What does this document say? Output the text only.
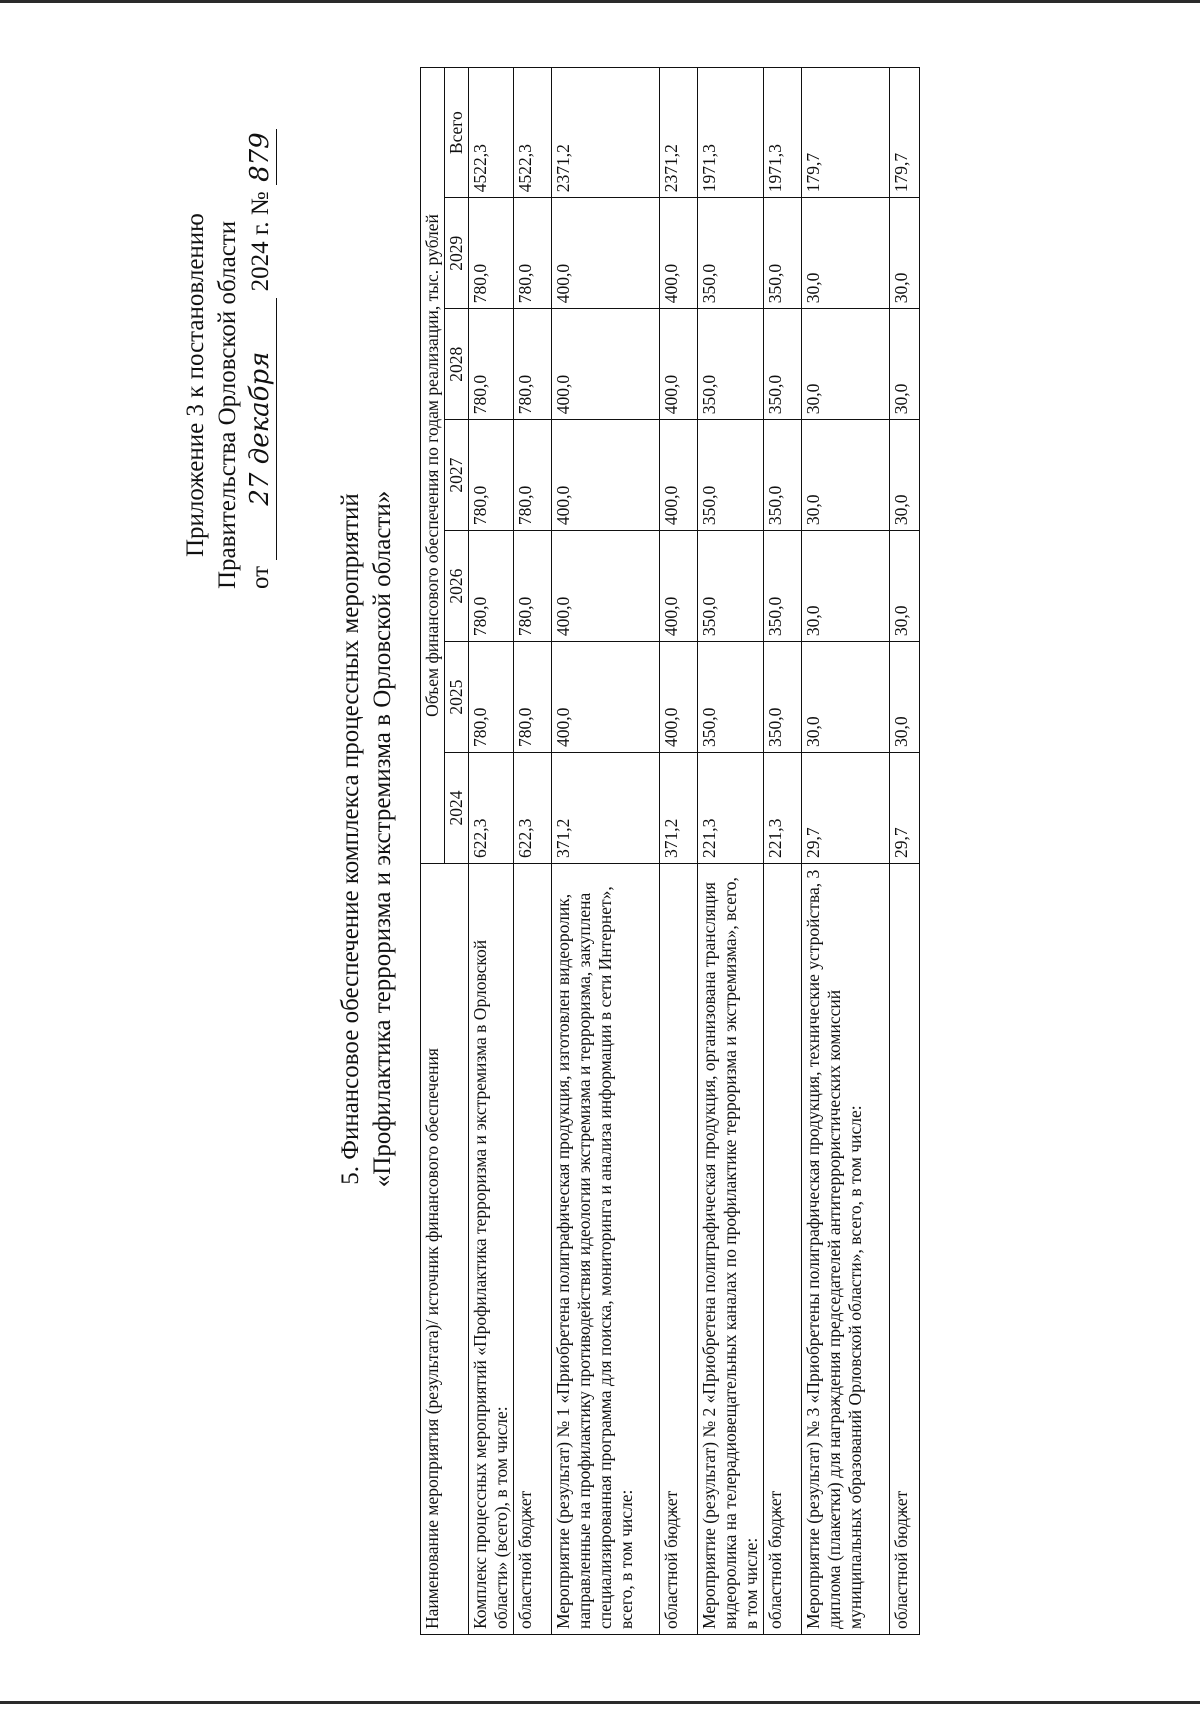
Приложение 3 к постановлению Правительства Орловской области от 27 декабря 2024 г. № 879
5. Финансовое обеспечение комплекса процессных мероприятий «Профилактика терроризма и экстремизма в Орловской области»
Наименование мероприятия (результата)/ источник финансового обеспечения	Объем финансового обеспечения по годам реализации, тыс. рублей						
	2024	2025	2026	2027	2028	2029	Всего
Комплекс процессных мероприятий «Профилактика терроризма и экстремизма в Орловской области» (всего), в том числе:	622,3	780,0	780,0	780,0	780,0	780,0	4522,3
областной бюджет	622,3	780,0	780,0	780,0	780,0	780,0	4522,3
Мероприятие (результат) № 1 «Приобретена полиграфическая продукция, изготовлен видеоролик, направленные на профилактику противодействия идеологии экстремизма и терроризма, закуплена специализированная программа для поиска, мониторинга и анализа информации в сети Интернет», всего, в том числе:	371,2	400,0	400,0	400,0	400,0	400,0	2371,2
областной бюджет	371,2	400,0	400,0	400,0	400,0	400,0	2371,2
Мероприятие (результат) № 2 «Приобретена полиграфическая продукция, организована трансляция видеоролика на телерадиовещательных каналах по профилактике терроризма и экстремизма», всего, в том числе:	221,3	350,0	350,0	350,0	350,0	350,0	1971,3
областной бюджет	221,3	350,0	350,0	350,0	350,0	350,0	1971,3
Мероприятие (результат) № 3 «Приобретены полиграфическая продукция, технические устройства, 3 диплома (плакетки) для награждения председателей антитеррористических комиссий муниципальных образований Орловской области», всего, в том числе:	29,7	30,0	30,0	30,0	30,0	30,0	179,7
областной бюджет	29,7	30,0	30,0	30,0	30,0	30,0	179,7
